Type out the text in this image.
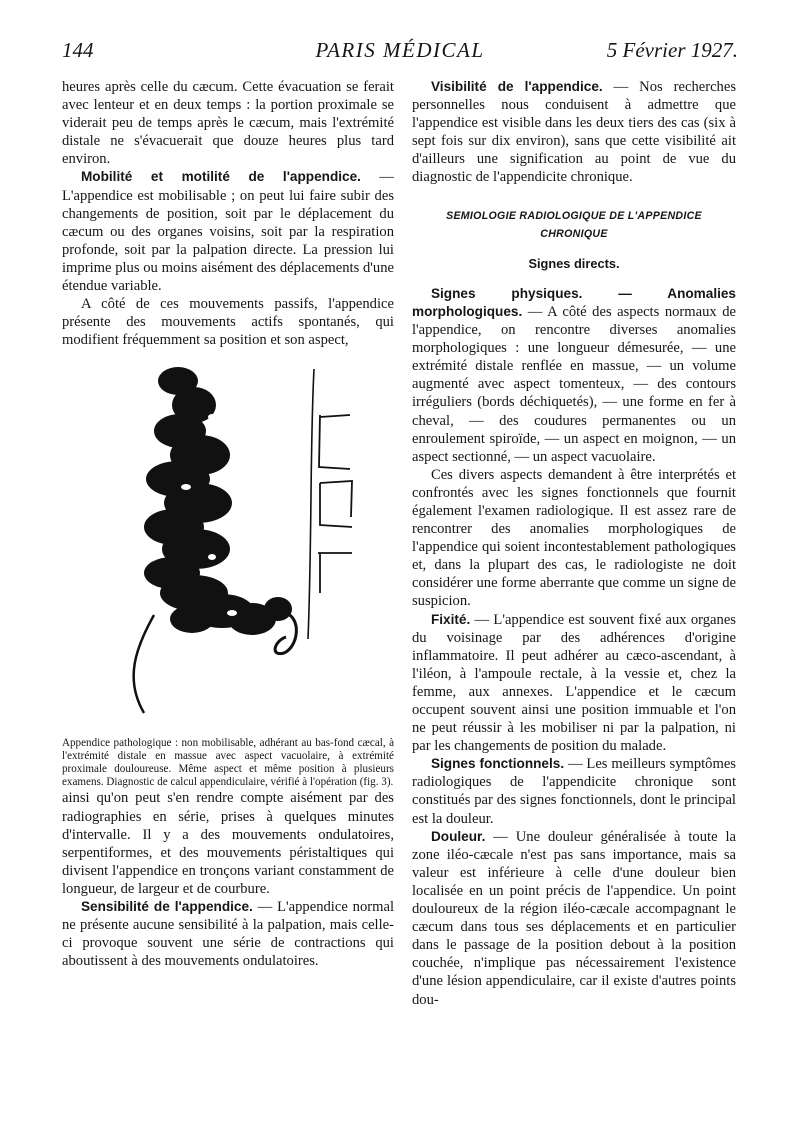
144	PARIS MÉDICAL	5 Février 1927.

heures après celle du cæcum. Cette évacuation se ferait avec lenteur et en deux temps : la portion proximale se viderait peu de temps après le cæcum, mais l'extrémité distale ne s'évacuerait que douze heures plus tard environ.

Mobilité et motilité de l'appendice. — L'appendice est mobilisable ; on peut lui faire subir des changements de position, soit par le déplacement du cæcum ou des organes voisins, soit par la respiration profonde, soit par la palpation directe. La pression lui imprime plus ou moins aisément des déplacements d'une étendue variable.

A côté de ces mouvements passifs, l'appendice présente des mouvements actifs spontanés, qui modifient fréquemment sa position et son aspect,

Appendice pathologique : non mobilisable, adhérant au bas-fond cæcal, à l'extrémité distale en massue avec aspect vacuolaire, à extrémité proximale douloureuse. Même aspect et même position à plusieurs examens. Diagnostic de calcul appendiculaire, vérifié à l'opération (fig. 3).

ainsi qu'on peut s'en rendre compte aisément par des radiographies en série, prises à quelques minutes d'intervalle. Il y a des mouvements ondulatoires, serpentiformes, et des mouvements péristaltiques qui divisent l'appendice en tronçons variant constamment de longueur, de largeur et de courbure.

Sensibilité de l'appendice. — L'appendice normal ne présente aucune sensibilité à la palpation, mais celle-ci provoque souvent une série de contractions qui aboutissent à des mouvements ondulatoires.

Visibilité de l'appendice. — Nos recherches personnelles nous conduisent à admettre que l'appendice est visible dans les deux tiers des cas (six à sept fois sur dix environ), sans que cette visibilité ait d'ailleurs une signification au point de vue du diagnostic de l'appendicite chronique.

SEMIOLOGIE RADIOLOGIQUE DE L'APPENDICE CHRONIQUE
Signes directs.

Signes physiques. — Anomalies morphologiques. — A côté des aspects normaux de l'appendice, on rencontre diverses anomalies morphologiques : une longueur démesurée, — une extrémité distale renflée en massue, — un volume augmenté avec aspect tomenteux, — des contours irréguliers (bords déchiquetés), — une forme en fer à cheval, — des coudures permanentes ou un enroulement spiroïde, — un aspect en moignon, — un aspect sectionné, — un aspect vacuolaire.

Ces divers aspects demandent à être interprétés et confrontés avec les signes fonctionnels que fournit également l'examen radiologique. Il est assez rare de rencontrer des anomalies morphologiques de l'appendice qui soient incontestablement pathologiques et, dans la plupart des cas, le radiologiste ne doit considérer une forme aberrante que comme un signe de suspicion.

Fixité. — L'appendice est souvent fixé aux organes du voisinage par des adhérences d'origine inflammatoire. Il peut adhérer au cæco-ascendant, à l'iléon, à l'ampoule rectale, à la vessie et, chez la femme, aux annexes. L'appendice et le cæcum occupent souvent ainsi une position immuable et l'on ne peut réussir à les mobiliser ni par la palpation, ni par les changements de position du malade.

Signes fonctionnels. — Les meilleurs symptômes radiologiques de l'appendicite chronique sont constitués par des signes fonctionnels, dont le principal est la douleur.

Douleur. — Une douleur généralisée à toute la zone iléo-cæcale n'est pas sans importance, mais sa valeur est inférieure à celle d'une douleur bien localisée en un point précis de l'appendice. Un point douloureux de la région iléo-cæcale accompagnant le cæcum dans tous ses déplacements et en particulier dans le passage de la position debout à la position couchée, n'implique pas nécessairement l'existence d'une lésion appendiculaire, car il existe d'autres points dou-
